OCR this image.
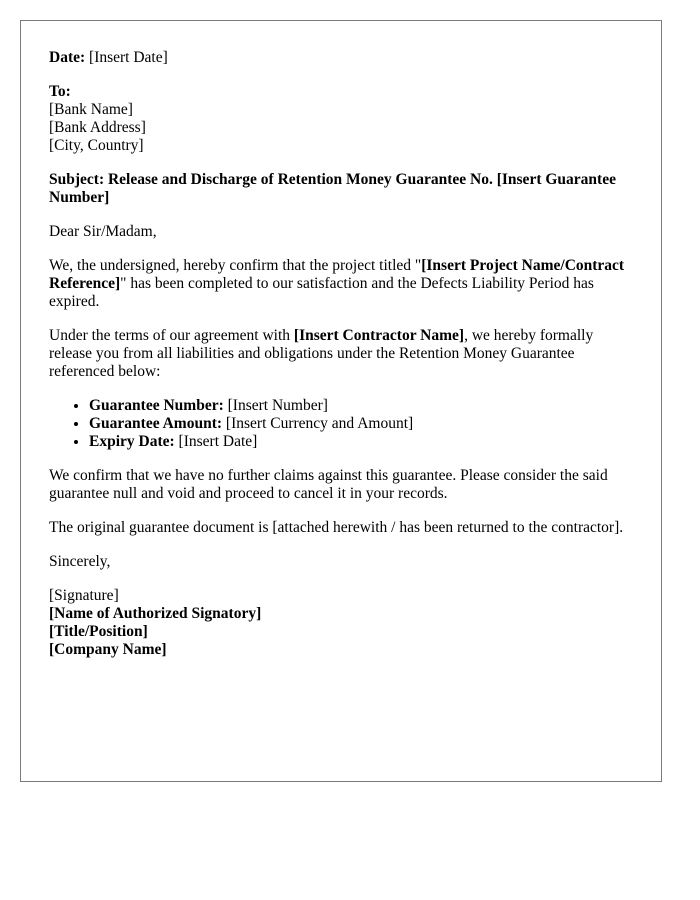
Date: [Insert Date]

To:
[Bank Name]
[Bank Address]
[City, Country]

Subject: Release and Discharge of Retention Money Guarantee No. [Insert Guarantee Number]

Dear Sir/Madam,

We, the undersigned, hereby confirm that the project titled "[Insert Project Name/Contract Reference]" has been completed to our satisfaction and the Defects Liability Period has expired.

Under the terms of our agreement with [Insert Contractor Name], we hereby formally release you from all liabilities and obligations under the Retention Money Guarantee referenced below:

• Guarantee Number: [Insert Number]
• Guarantee Amount: [Insert Currency and Amount]
• Expiry Date: [Insert Date]

We confirm that we have no further claims against this guarantee. Please consider the said guarantee null and void and proceed to cancel it in your records.

The original guarantee document is [attached herewith / has been returned to the contractor].

Sincerely,

[Signature]
[Name of Authorized Signatory]
[Title/Position]
[Company Name]
